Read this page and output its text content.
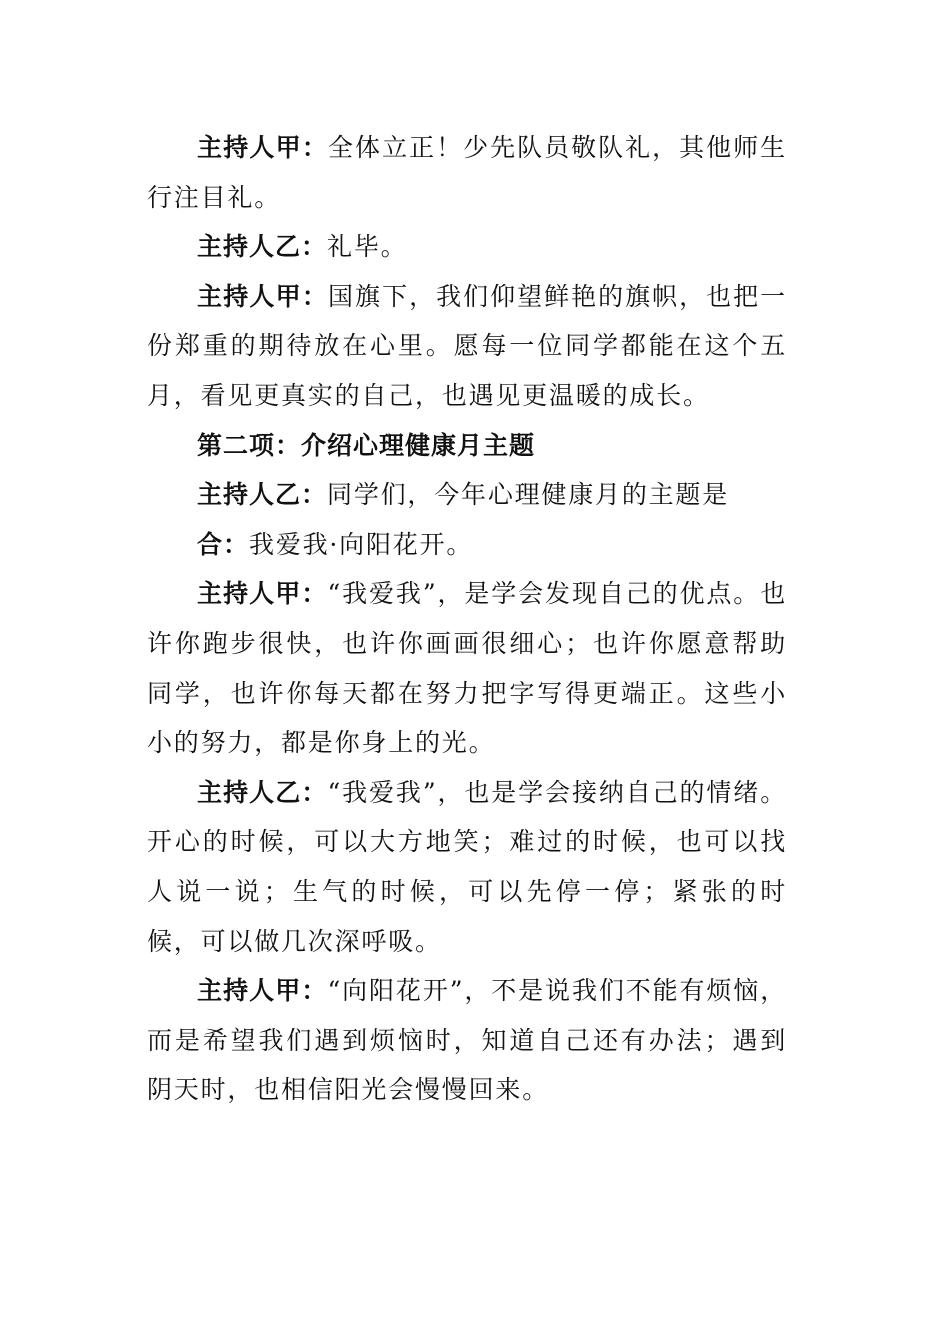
主持人甲：全体立正！少先队员敬队礼，其他师生行注目礼。

主持人乙：礼毕。

主持人甲：国旗下，我们仰望鲜艳的旗帜，也把一份郑重的期待放在心里。愿每一位同学都能在这个五月，看见更真实的自己，也遇见更温暖的成长。

第二项：介绍心理健康月主题

主持人乙：同学们，今年心理健康月的主题是

合：我爱我·向阳花开。

主持人甲：“我爱我”，是学会发现自己的优点。也许你跑步很快，也许你画画很细心；也许你愿意帮助同学，也许你每天都在努力把字写得更端正。这些小小的努力，都是你身上的光。

主持人乙：“我爱我”，也是学会接纳自己的情绪。开心的时候，可以大方地笑；难过的时候，也可以找人说一说；生气的时候，可以先停一停；紧张的时候，可以做几次深呼吸。

主持人甲：“向阳花开”，不是说我们不能有烦恼，而是希望我们遇到烦恼时，知道自己还有办法；遇到阴天时，也相信阳光会慢慢回来。
